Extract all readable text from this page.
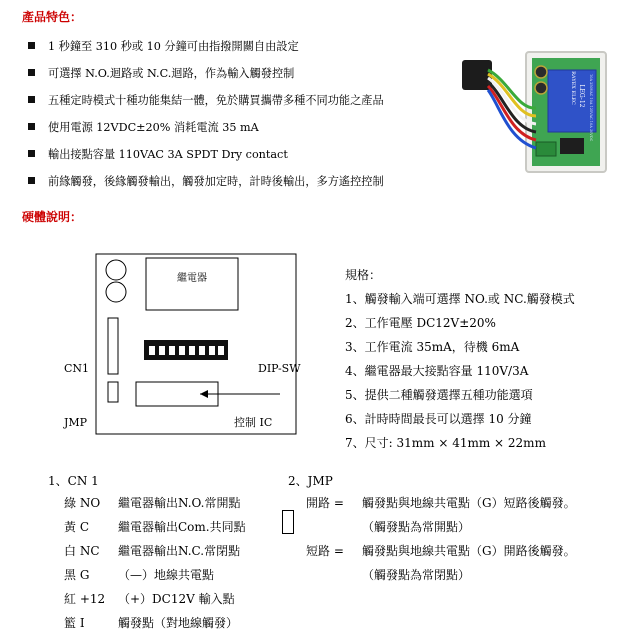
產品特色：
1 秒鐘至 310 秒或 10 分鐘可由指撥開關自由設定
可選擇 N.O.迴路或 N.C.迴路，作為輸入觸發控制
五種定時模式十種功能集結一體，免於購買攜帶多種不同功能之產品
使用電源 12VDC±20% 消耗電流 35 mA
輸出接點容量 110VAC 3A SPDT Dry contact
前緣觸發，後緣觸發輸出，觸發加定時，計時後輸出，多方遙控控制
RAYEX ELEC LEG-12 10A 250VAC 10A 125VAC 10A 30VDC
硬體說明：
繼電器
CN1	DIP-SW
JMP	控制 IC
規格：
1、觸發輸入端可選擇 NO.或 NC.觸發模式
2、工作電壓 DC12V±20%
3、工作電流 35mA，待機 6mA
4、繼電器最大接點容量 110V/3A
5、提供二種觸發選擇五種功能選項
6、計時時間最長可以選擇 10 分鐘
7、尺寸: 31mm × 41mm × 22mm
1、CN 1
綠 NO 繼電器輸出N.O.常開點
黃 C 繼電器輸出Com.共同點
白 NC 繼電器輸出N.C.常閉點
黑 G （—）地線共電點
紅 +12 （+）DC12V 輸入點
籃 I	觸發點（對地線觸發）
2、JMP
開路 = 觸發點與地線共電點（G）短路後觸發。
（觸發點為常開點）
短路 = 觸發點與地線共電點（G）開路後觸發。
（觸發點為常閉點）
